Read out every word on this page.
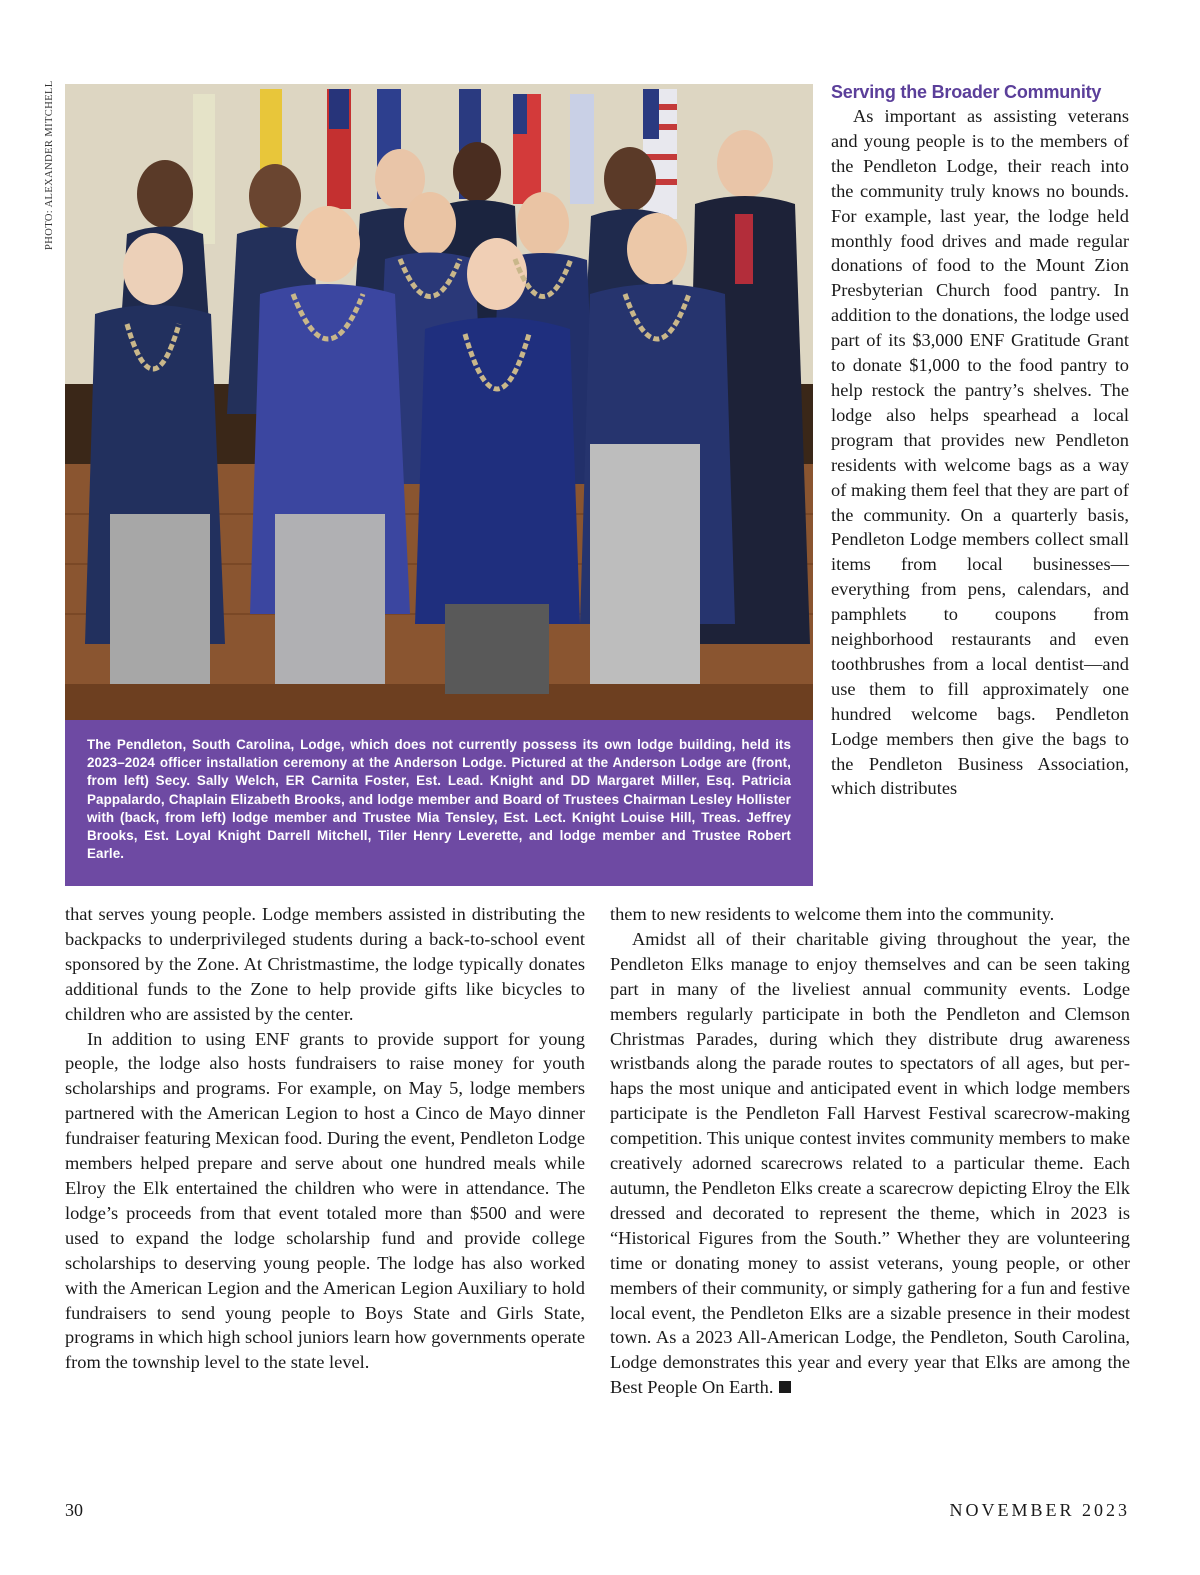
PHOTO: ALEXANDER MITCHELL
The Pendleton, South Carolina, Lodge, which does not currently possess its own lodge building, held its 2023–2024 officer installation ceremony at the Anderson Lodge. Pictured at the Anderson Lodge are (front, from left) Secy. Sally Welch, ER Carnita Foster, Est. Lead. Knight and DD Margaret Miller, Esq. Patricia Pappalardo, Chaplain Elizabeth Brooks, and lodge member and Board of Trustees Chairman Lesley Hollister with (back, from left) lodge member and Trustee Mia Tensley, Est. Lect. Knight Louise Hill, Treas. Jeffrey Brooks, Est. Loyal Knight Darrell Mitchell, Tiler Henry Leverette, and lodge member and Trustee Robert Earle.
Serving the Broader Community

As important as assisting veterans and young people is to the members of the Pendleton Lodge, their reach into the community truly knows no bounds. For example, last year, the lodge held monthly food drives and made regular donations of food to the Mount Zion Presbyterian Church food pantry. In addition to the donations, the lodge used part of its $3,000 ENF Gratitude Grant to donate $1,000 to the food pantry to help restock the pantry’s shelves. The lodge also helps spearhead a local program that provides new Pendleton residents with welcome bags as a way of making them feel that they are part of the community. On a quarterly basis, Pendleton Lodge members collect small items from local businesses—everything from pens, calendars, and pamphlets to coupons from neighborhood restaurants and even toothbrushes from a local dentist—and use them to fill approximately one hundred welcome bags. Pendleton Lodge members then give the bags to the Pendleton Business Association, which distributes

that serves young people. Lodge members assisted in distributing the backpacks to underprivileged students during a back-to-school event sponsored by the Zone. At Christmastime, the lodge typically donates additional funds to the Zone to help provide gifts like bicycles to children who are assisted by the center.

In addition to using ENF grants to provide support for young people, the lodge also hosts fundraisers to raise money for youth scholarships and programs. For example, on May 5, lodge members partnered with the American Legion to host a Cinco de Mayo dinner fundraiser featuring Mexican food. During the event, Pendleton Lodge members helped prepare and serve about one hundred meals while Elroy the Elk entertained the children who were in attendance. The lodge’s proceeds from that event totaled more than $500 and were used to expand the lodge scholarship fund and provide college scholarships to deserving young people. The lodge has also worked with the American Legion and the American Legion Auxiliary to hold fundraisers to send young people to Boys State and Girls State, programs in which high school juniors learn how governments operate from the township level to the state level.

them to new residents to welcome them into the community.

Amidst all of their charitable giving throughout the year, the Pendleton Elks manage to enjoy themselves and can be seen taking part in many of the liveliest annual community events. Lodge members regularly participate in both the Pendleton and Clemson Christmas Parades, during which they distribute drug awareness wristbands along the parade routes to spectators of all ages, but perhaps the most unique and anticipated event in which lodge members participate is the Pendleton Fall Harvest Festival scarecrow-making competition. This unique contest invites community members to make creatively adorned scarecrows related to a particular theme. Each autumn, the Pendleton Elks create a scarecrow depicting Elroy the Elk dressed and decorated to represent the theme, which in 2023 is “Historical Figures from the South.” Whether they are volunteering time or donating money to assist veterans, young people, or other members of their community, or simply gathering for a fun and festive local event, the Pendleton Elks are a sizable presence in their modest town. As a 2023 All-American Lodge, the Pendleton, South Carolina, Lodge demonstrates this year and every year that Elks are among the Best People On Earth.

30	NOVEMBER 2023
